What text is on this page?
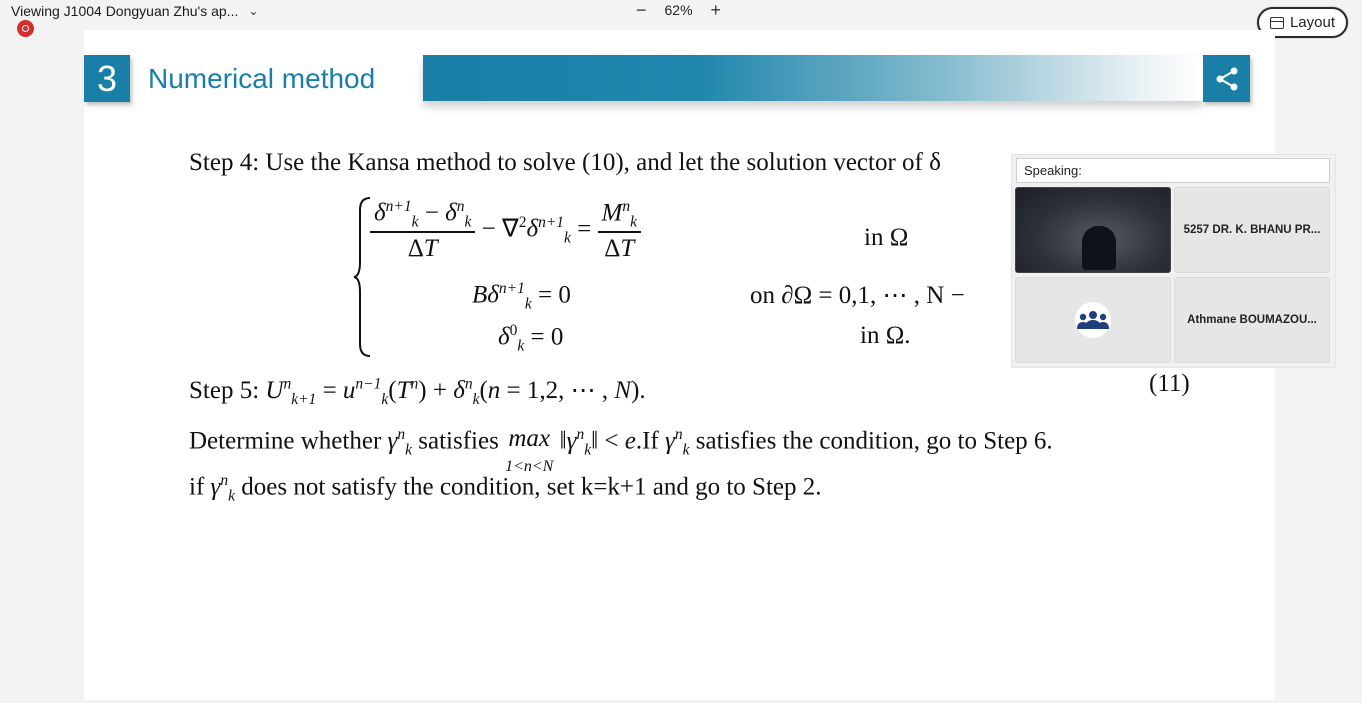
Viewing J1004 Dongyuan Zhu's ap... ⌄	− 62% +
Layout
3	Numerical method
Step 4: Use the Kansa method to solve (10), and let the solution vector of δ
$\frac{\delta^{n+1}_k - \delta^n_k}{\Delta T} - \nabla^2\delta^{n+1}_k = \frac{M^n_k}{\Delta T}$	in Ω
$B\delta^{n+1}_k = 0$	on ∂Ω = 0,1, ⋯ , N −
$\delta^0_k = 0$	in Ω.
Step 5: $U^n_{k+1} = u^{n-1}_k(T^n) + \delta^n_k(n = 1,2$, ⋯ , N).	(11)
Determine whether $\gamma^n_k$ satisfies max
1<n<N $‖\gamma^n_k‖ < e.If$ $\gamma^n_k$ satisfies the condition, go to Step 6.
if $\gamma^n_k$ does not satisfy the condition, set k=k+1 and go to Step 2.
Speaking:
5257 DR. K. BHANU PR...
Athmane BOUMAZOU...
